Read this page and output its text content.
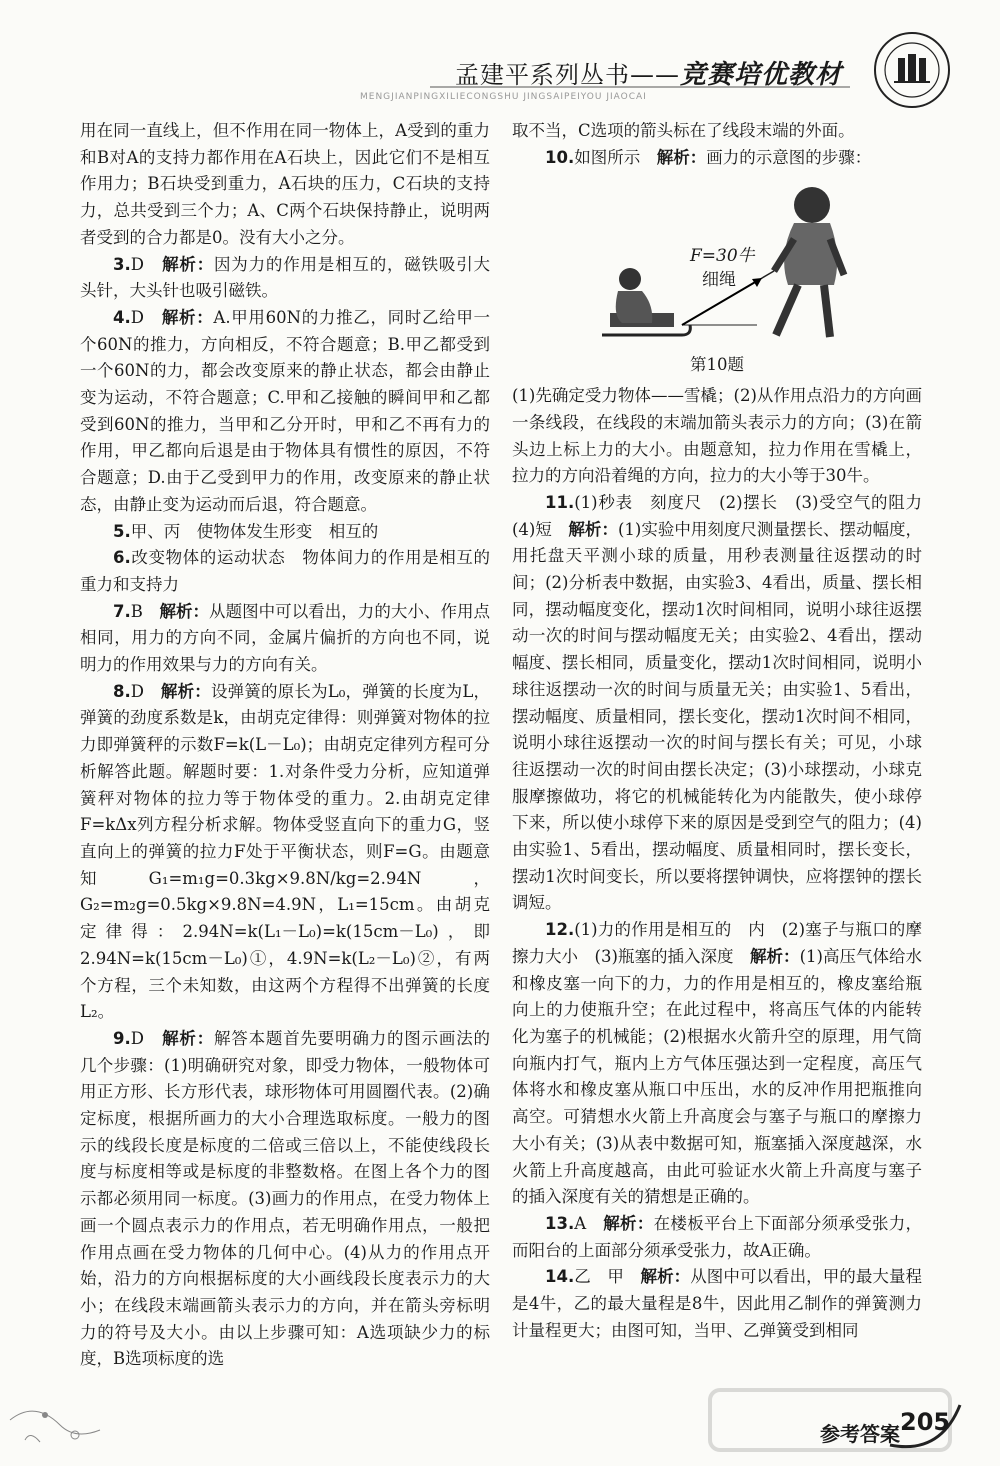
孟建平系列丛书——竞赛培优教材
MENGJIANPINGXILIECONGSHU JINGSAIPEIYOU JIAOCAI

用在同一直线上，但不作用在同一物体上，A受到的重力和B对A的支持力都作用在A石块上，因此它们不是相互作用力；B石块受到重力，A石块的压力，C石块的支持力，总共受到三个力；A、C两个石块保持静止，说明两者受到的合力都是0。没有大小之分。

3.D　 解析：因为力的作用是相互的，磁铁吸引大头针，大头针也吸引磁铁。

4.D　 解析：A.甲用60N的力推乙，同时乙给甲一个60N的推力，方向相反，不符合题意；B.甲乙都受到一个60N的力，都会改变原来的静止状态，都会由静止变为运动，不符合题意；C.甲和乙接触的瞬间甲和乙都受到60N的推力，当甲和乙分开时，甲和乙不再有力的作用，甲乙都向后退是由于物体具有惯性的原因，不符合题意；D.由于乙受到甲力的作用，改变原来的静止状态，由静止变为运动而后退，符合题意。

5.甲、丙　使物体发生形变　相互的

6.改变物体的运动状态　物体间力的作用是相互的　重力和支持力

7.B　 解析：从题图中可以看出，力的大小、作用点相同，用力的方向不同，金属片偏折的方向也不同，说明力的作用效果与力的方向有关。

8.D　 解析：设弹簧的原长为L₀，弹簧的长度为L，弹簧的劲度系数是k，由胡克定律得：则弹簧对物体的拉力即弹簧秤的示数F=k(L－L₀)；由胡克定律列方程可分析解答此题。解题时要：1.对条件受力分析，应知道弹簧秤对物体的拉力等于物体受的重力。2.由胡克定律F=kΔx列方程分析求解。物体受竖直向下的重力G，竖直向上的弹簧的拉力F处于平衡状态，则F=G。由题意知G₁=m₁g=0.3kg×9.8N/kg=2.94N，G₂=m₂g=0.5kg×9.8N=4.9N，L₁=15cm。由胡克定律得：2.94N=k(L₁－L₀)=k(15cm－L₀)，即2.94N=k(15cm－L₀)①，4.9N=k(L₂－L₀)②，有两个方程，三个未知数，由这两个方程得不出弹簧的长度L₂。

9.D　 解析：解答本题首先要明确力的图示画法的几个步骤：(1)明确研究对象，即受力物体，一般物体可用正方形、长方形代表，球形物体可用圆圈代表。(2)确定标度，根据所画力的大小合理选取标度。一般力的图示的线段长度是标度的二倍或三倍以上，不能使线段长度与标度相等或是标度的非整数格。在图上各个力的图示都必须用同一标度。(3)画力的作用点，在受力物体上画一个圆点表示力的作用点，若无明确作用点，一般把作用点画在受力物体的几何中心。(4)从力的作用点开始，沿力的方向根据标度的大小画线段长度表示力的大小；在线段末端画箭头表示力的方向，并在箭头旁标明力的符号及大小。由以上步骤可知：A选项缺少力的标度，B选项标度的选

取不当，C选项的箭头标在了线段末端的外面。

10.如图所示　 解析：画力的示意图的步骤：

F=30牛
细绳
第10题

(1)先确定受力物体——雪橇；(2)从作用点沿力的方向画一条线段，在线段的末端加箭头表示力的方向；(3)在箭头边上标上力的大小。由题意知，拉力作用在雪橇上，拉力的方向沿着绳的方向，拉力的大小等于30牛。

11.(1)秒表　刻度尺　(2)摆长　(3)受空气的阻力　(4)短　 解析：(1)实验中用刻度尺测量摆长、摆动幅度，用托盘天平测小球的质量，用秒表测量往返摆动的时间；(2)分析表中数据，由实验3、4看出，质量、摆长相同，摆动幅度变化，摆动1次时间相同，说明小球往返摆动一次的时间与摆动幅度无关；由实验2、4看出，摆动幅度、摆长相同，质量变化，摆动1次时间相同，说明小球往返摆动一次的时间与质量无关；由实验1、5看出，摆动幅度、质量相同，摆长变化，摆动1次时间不相同，说明小球往返摆动一次的时间与摆长有关；可见，小球往返摆动一次的时间由摆长决定；(3)小球摆动，小球克服摩擦做功，将它的机械能转化为内能散失，使小球停下来，所以使小球停下来的原因是受到空气的阻力；(4)由实验1、5看出，摆动幅度、质量相同时，摆长变长，摆动1次时间变长，所以要将摆钟调快，应将摆钟的摆长调短。

12.(1)力的作用是相互的　内　(2)塞子与瓶口的摩擦力大小　(3)瓶塞的插入深度　 解析：(1)高压气体给水和橡皮塞一向下的力，力的作用是相互的，橡皮塞给瓶向上的力使瓶升空；在此过程中，将高压气体的内能转化为塞子的机械能；(2)根据水火箭升空的原理，用气筒向瓶内打气，瓶内上方气体压强达到一定程度，高压气体将水和橡皮塞从瓶口中压出，水的反冲作用把瓶推向高空。可猜想水火箭上升高度会与塞子与瓶口的摩擦力大小有关；(3)从表中数据可知，瓶塞插入深度越深，水火箭上升高度越高，由此可验证水火箭上升高度与塞子的插入深度有关的猜想是正确的。

13.A　 解析：在楼板平台上下面部分须承受张力，而阳台的上面部分须承受张力，故A正确。

14.乙　甲　 解析：从图中可以看出，甲的最大量程是4牛，乙的最大量程是8牛，因此用乙制作的弹簧测力计量程更大；由图可知，当甲、乙弹簧受到相同

参考答案 205
